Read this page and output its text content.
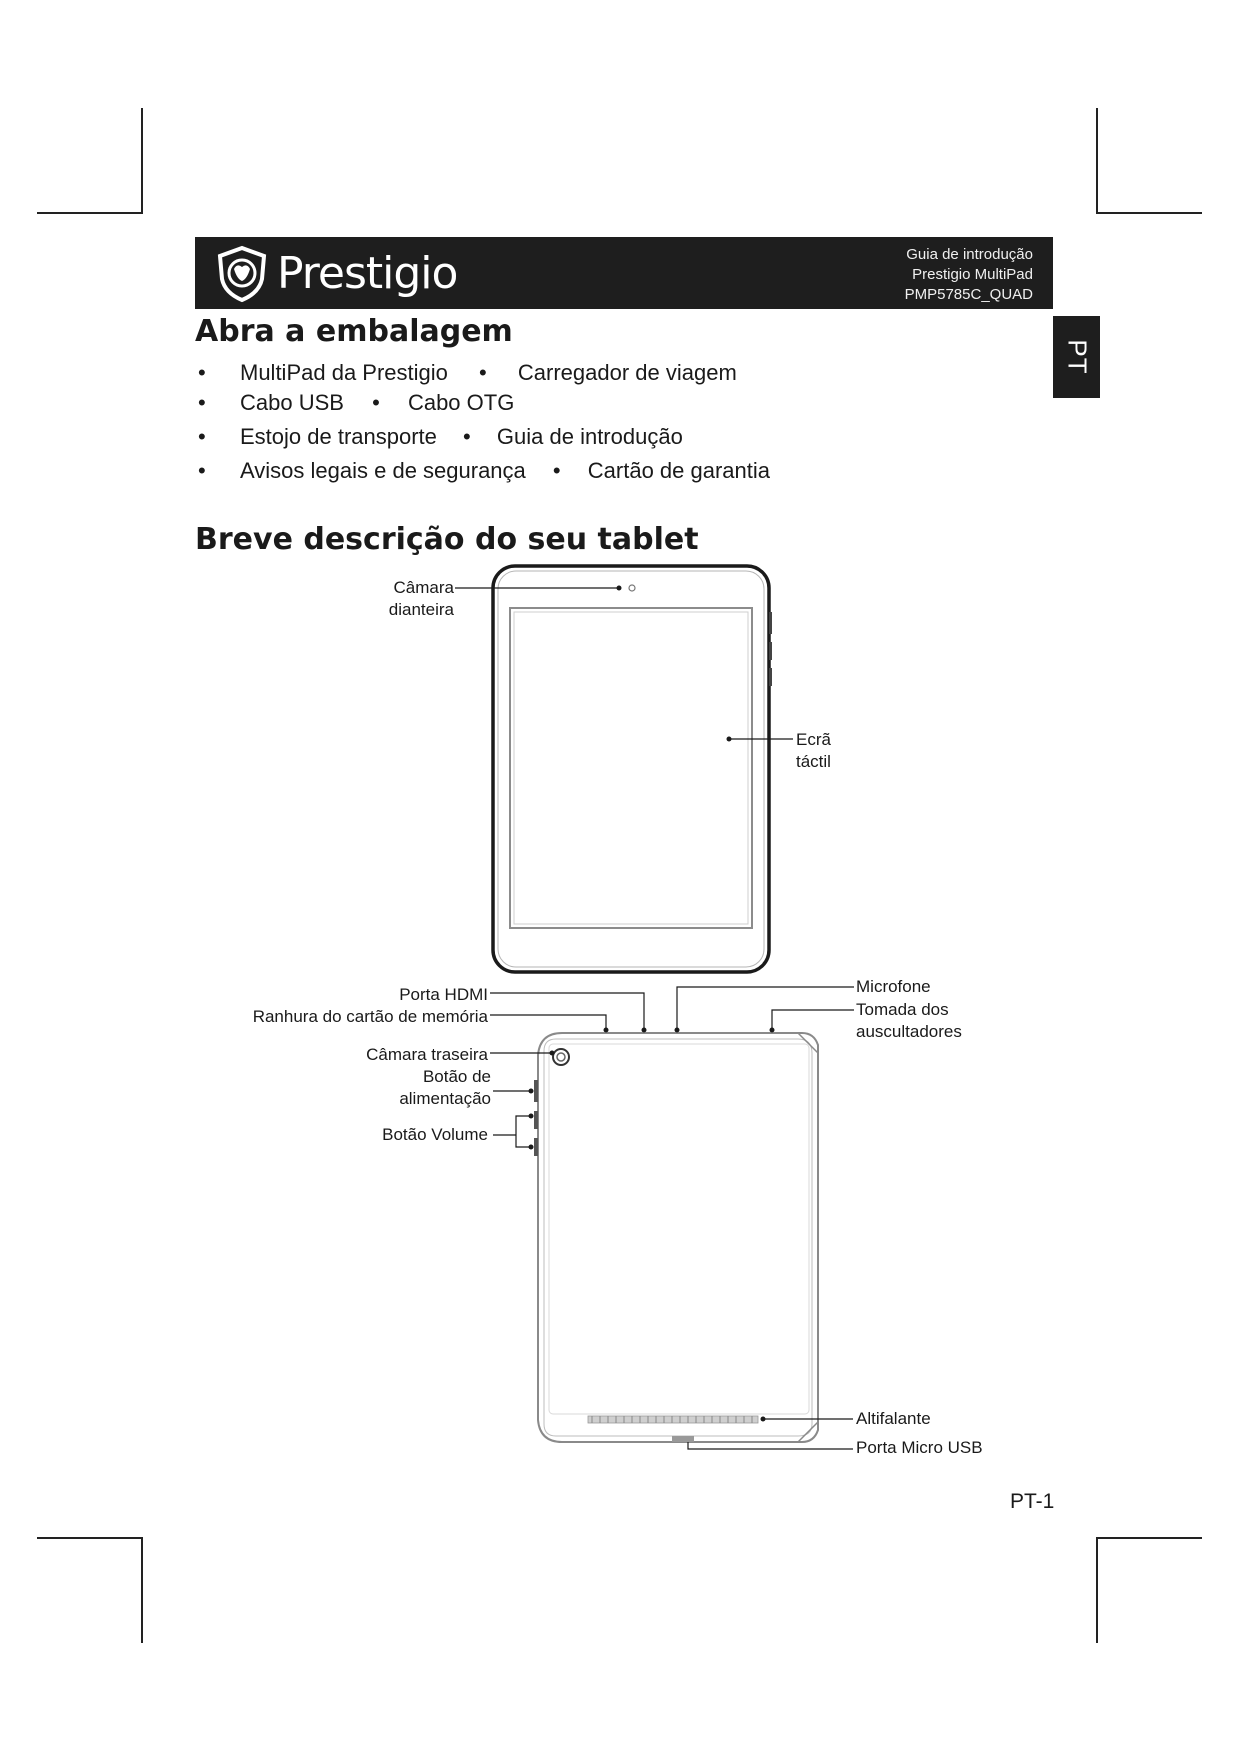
Prestigio	Guia de introdução
Prestigio MultiPad
PMP5785C_QUAD
PT
Abra a embalagem
• MultiPad da Prestigio • Carregador de viagem
• Cabo USB • Cabo OTG
• Estojo de transporte • Guia de introdução
• Avisos legais e de segurança • Cartão de garantia
Breve descrição do seu tablet
Câmara
dianteira
Ecrã
táctil
Porta HDMI
Ranhura do cartão de memória
Câmara traseira
Botão de
alimentação
Botão Volume
Microfone
Tomada dos
auscultadores
Altifalante
Porta Micro USB
PT-1
